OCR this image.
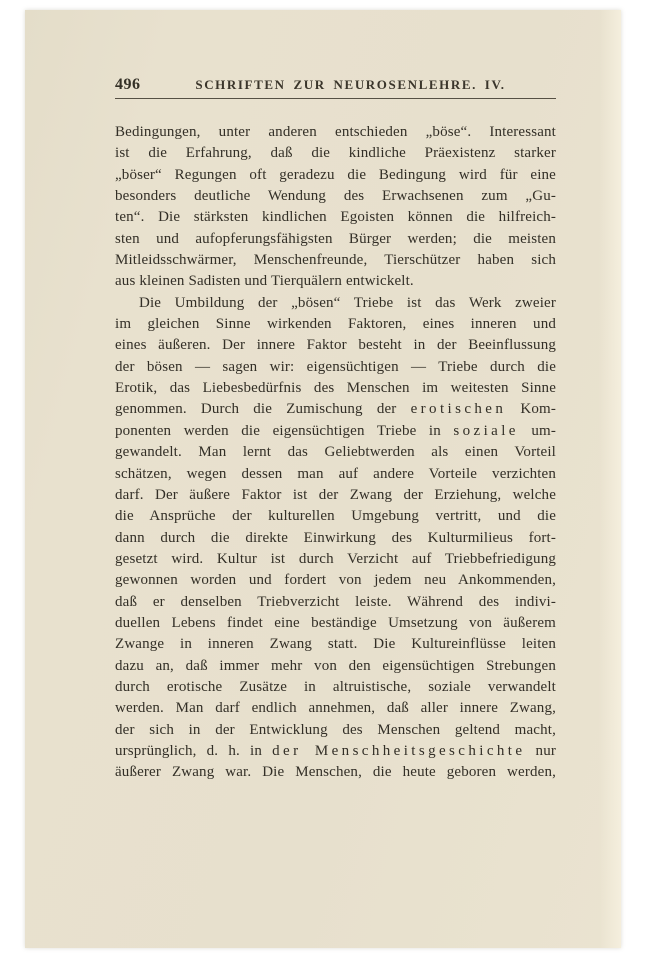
496	SCHRIFTEN ZUR NEUROSENLEHRE. IV.
Bedingungen, unter anderen entschieden „böse“. Interessant
ist die Erfahrung, daß die kindliche Präexistenz starker
„böser“ Regungen oft geradezu die Bedingung wird für eine
besonders deutliche Wendung des Erwachsenen zum „Gu-
ten“. Die stärksten kindlichen Egoisten können die hilfreich-
sten und aufopferungsfähigsten Bürger werden; die meisten
Mitleidsschwärmer, Menschenfreunde, Tierschützer haben sich
aus kleinen Sadisten und Tierquälern entwickelt.
Die Umbildung der „bösen“ Triebe ist das Werk zweier
im gleichen Sinne wirkenden Faktoren, eines inneren und
eines äußeren. Der innere Faktor besteht in der Beeinflussung
der bösen — sagen wir: eigensüchtigen — Triebe durch die
Erotik, das Liebesbedürfnis des Menschen im weitesten Sinne
genommen. Durch die Zumischung der erotischen Kom-
ponenten werden die eigensüchtigen Triebe in soziale um-
gewandelt. Man lernt das Geliebtwerden als einen Vorteil
schätzen, wegen dessen man auf andere Vorteile verzichten
darf. Der äußere Faktor ist der Zwang der Erziehung, welche
die Ansprüche der kulturellen Umgebung vertritt, und die
dann durch die direkte Einwirkung des Kulturmilieus fort-
gesetzt wird. Kultur ist durch Verzicht auf Triebbefriedigung
gewonnen worden und fordert von jedem neu Ankommenden,
daß er denselben Triebverzicht leiste. Während des indivi-
duellen Lebens findet eine beständige Umsetzung von äußerem
Zwange in inneren Zwang statt. Die Kultureinflüsse leiten
dazu an, daß immer mehr von den eigensüchtigen Strebungen
durch erotische Zusätze in altruistische, soziale verwandelt
werden. Man darf endlich annehmen, daß aller innere Zwang,
der sich in der Entwicklung des Menschen geltend macht,
ursprünglich, d. h. in der Menschheitsgeschichte nur
äußerer Zwang war. Die Menschen, die heute geboren werden,
